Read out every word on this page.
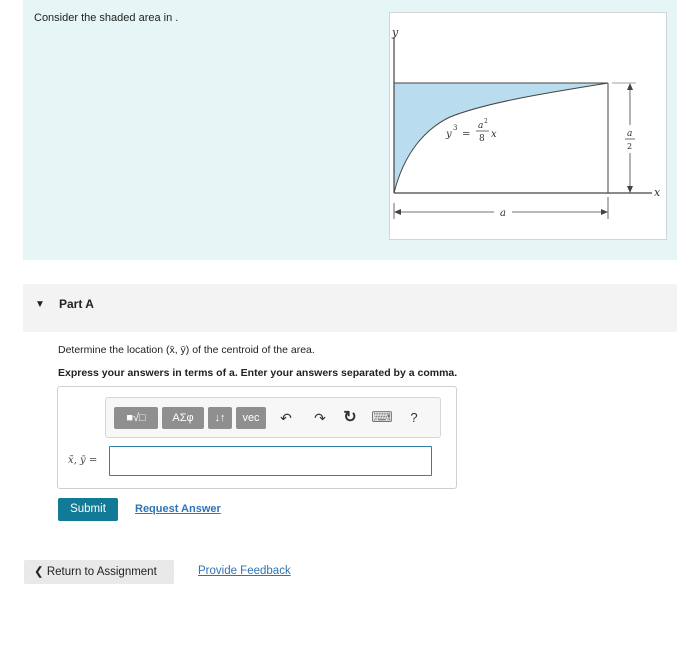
Consider the shaded area in .
y
x
a
y
3
=
a 2
8 x	a
2
▼ Part A
Determine the location (x̄, ȳ) of the centroid of the area.
Express your answers in terms of a. Enter your answers separated by a comma.
■√□	ΑΣφ	↓↑	vec	↶ ↷ ↻ ⌨	?
x̄, ȳ =
Submit	Request Answer
❮ Return to Assignment	Provide Feedback
